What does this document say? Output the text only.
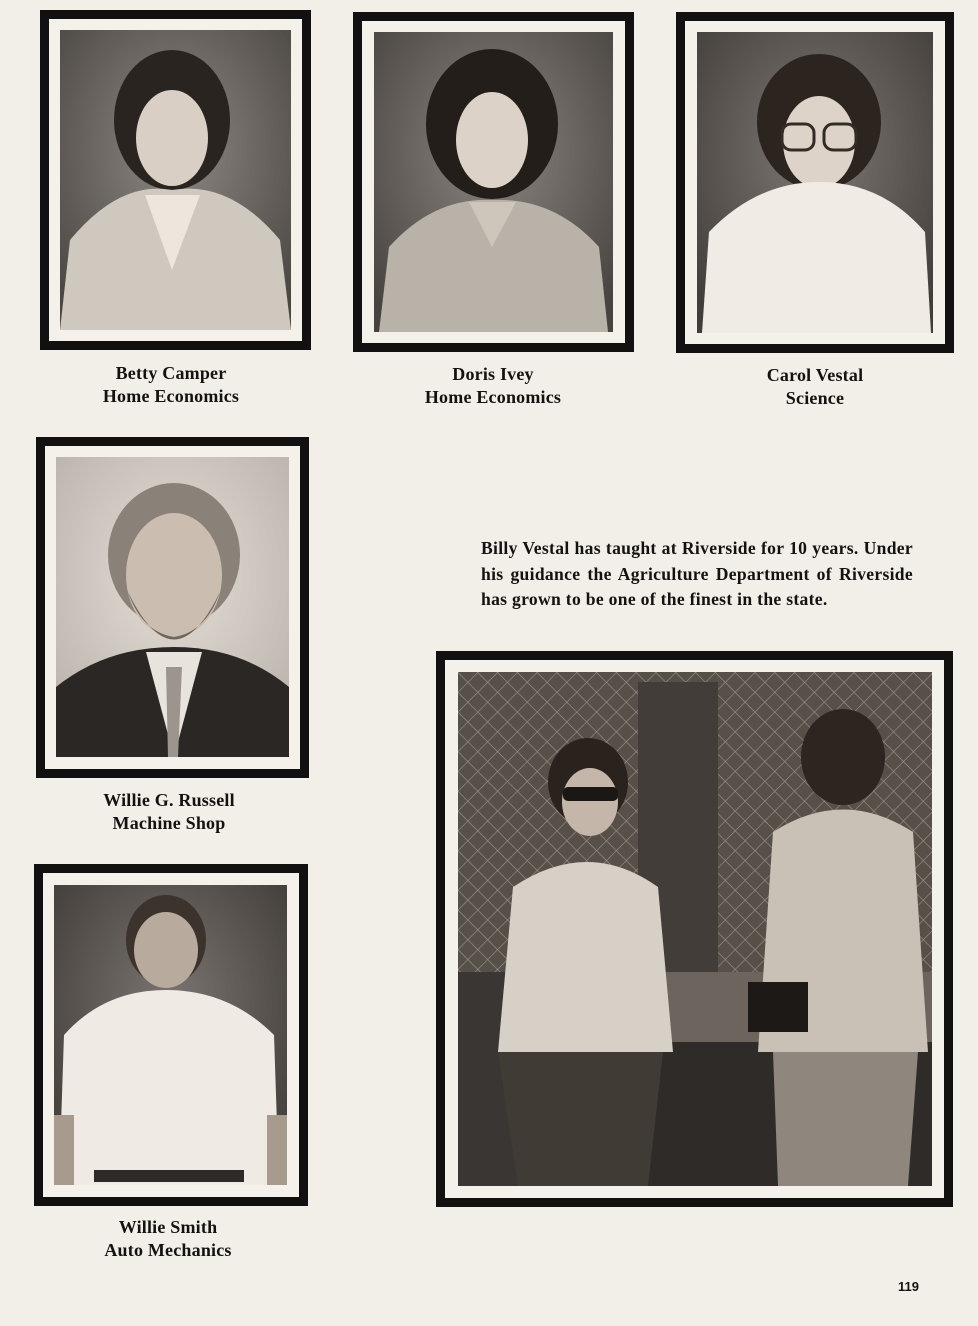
Betty Camper
Home Economics
Doris Ivey
Home Economics
Carol Vestal
Science
Willie G. Russell
Machine Shop
Willie Smith
Auto Mechanics
Billy Vestal has taught at Riverside for 10 years. Under his guidance the Agriculture Department of Riverside has grown to be one of the finest in the state.
119
